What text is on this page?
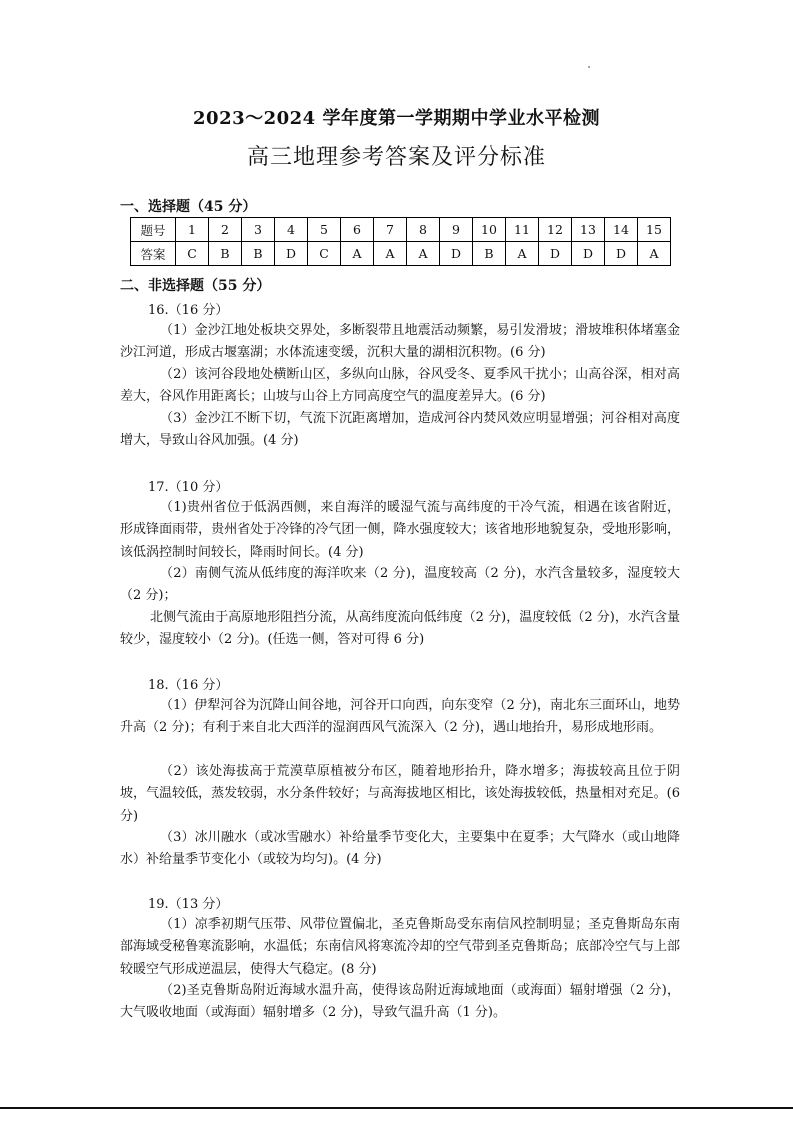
2023～2024 学年度第一学期期中学业水平检测
高三地理参考答案及评分标准
一、选择题（45 分）
题号	1	2	3	4	5	6	7	8	9	10	11	12	13	14	15
答案	C	B	B	D	C	A	A	A	D	B	A	D	D	D	A
二、非选择题（55 分）
16.（16 分）

（1）金沙江地处板块交界处，多断裂带且地震活动频繁，易引发滑坡；滑坡堆积体堵塞金沙江河道，形成古堰塞湖；水体流速变缓，沉积大量的湖相沉积物。(6 分)

（2）该河谷段地处横断山区，多纵向山脉，谷风受冬、夏季风干扰小；山高谷深，相对高差大，谷风作用距离长；山坡与山谷上方同高度空气的温度差异大。(6 分)

（3）金沙江不断下切，气流下沉距离增加，造成河谷内焚风效应明显增强；河谷相对高度增大，导致山谷风加强。(4 分)

17.（10 分）

（1)贵州省位于低涡西侧，来自海洋的暖湿气流与高纬度的干冷气流，相遇在该省附近，形成锋面雨带，贵州省处于冷锋的冷气团一侧，降水强度较大；该省地形地貌复杂，受地形影响，该低涡控制时间较长，降雨时间长。(4 分)

（2）南侧气流从低纬度的海洋吹来（2 分)，温度较高（2 分)，水汽含量较多，湿度较大（2 分)；

北侧气流由于高原地形阻挡分流，从高纬度流向低纬度（2 分)，温度较低（2 分)，水汽含量较少，湿度较小（2 分)。(任选一侧，答对可得 6 分)

18.（16 分）

（1）伊犁河谷为沉降山间谷地，河谷开口向西，向东变窄（2 分)，南北东三面环山，地势升高（2 分)；有利于来自北大西洋的湿润西风气流深入（2 分)，遇山地抬升，易形成地形雨。

（2）该处海拔高于荒漠草原植被分布区，随着地形抬升，降水增多；海拔较高且位于阴坡，气温较低，蒸发较弱，水分条件较好；与高海拔地区相比，该处海拔较低，热量相对充足。(6 分)

（3）冰川融水（或冰雪融水）补给量季节变化大，主要集中在夏季；大气降水（或山地降水）补给量季节变化小（或较为均匀)。(4 分)

19.（13 分）

（1）凉季初期气压带、风带位置偏北，圣克鲁斯岛受东南信风控制明显；圣克鲁斯岛东南部海域受秘鲁寒流影响，水温低；东南信风将寒流冷却的空气带到圣克鲁斯岛；底部冷空气与上部较暖空气形成逆温层，使得大气稳定。(8 分)

（2)圣克鲁斯岛附近海域水温升高，使得该岛附近海域地面（或海面）辐射增强（2 分)，大气吸收地面（或海面）辐射增多（2 分)，导致气温升高（1 分)。
